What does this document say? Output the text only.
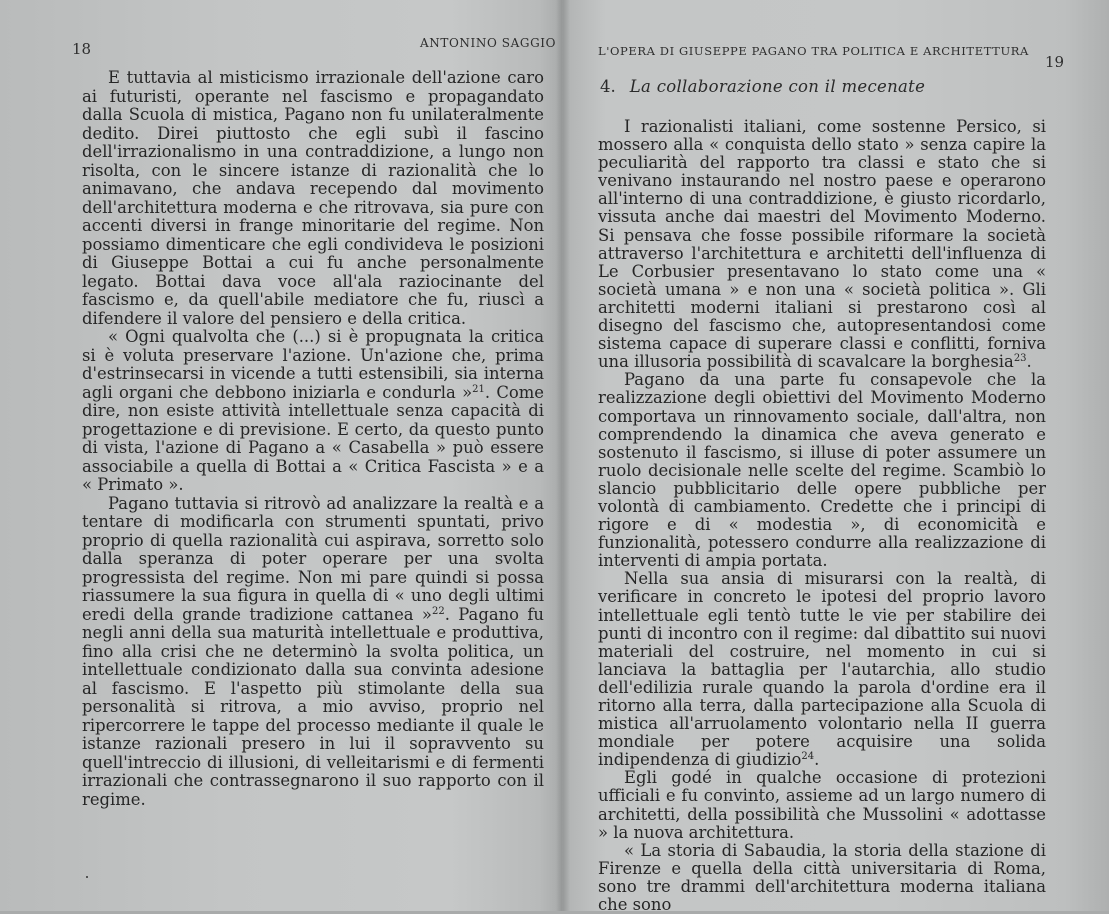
18	ANTONINO SAGGIO

E tuttavia al misticismo irrazionale dell'azione caro ai futuristi, operante nel fascismo e propagandato dalla Scuola di mistica, Pagano non fu unilateralmente dedito. Direi piuttosto che egli subì il fascino dell'irrazionalismo in una contraddizione, a lungo non risolta, con le sincere istanze di razionalità che lo animavano, che andava recependo dal movimento dell'architettura moderna e che ritrovava, sia pure con accenti diversi in frange minoritarie del regime. Non possiamo dimenticare che egli condivideva le posizioni di Giuseppe Bottai a cui fu anche personalmente legato. Bottai dava voce all'ala raziocinante del fascismo e, da quell'abile mediatore che fu, riuscì a difendere il valore del pensiero e della critica.

« Ogni qualvolta che (...) si è propugnata la critica si è voluta preservare l'azione. Un'azione che, prima d'estrinsecarsi in vicende a tutti estensibili, sia interna agli organi che debbono iniziarla e condurla »$^{21}$. Come dire, non esiste attività intellettuale senza capacità di progettazione e di previsione. E certo, da questo punto di vista, l'azione di Pagano a « Casabella » può essere associabile a quella di Bottai a « Critica Fascista » e a « Primato ».

Pagano tuttavia si ritrovò ad analizzare la realtà e a tentare di modificarla con strumenti spuntati, privo proprio di quella razionalità cui aspirava, sorretto solo dalla speranza di poter operare per una svolta progressista del regime. Non mi pare quindi si possa riassumere la sua figura in quella di « uno degli ultimi eredi della grande tradizione cattanea »$^{22}$. Pagano fu negli anni della sua maturità intellettuale e produttiva, fino alla crisi che ne determinò la svolta politica, un intellettuale condizionato dalla sua convinta adesione al fascismo. E l'aspetto più stimolante della sua personalità si ritrova, a mio avviso, proprio nel ripercorrere le tappe del processo mediante il quale le istanze razionali presero in lui il sopravvento su quell'intreccio di illusioni, di velleitarismi e di fermenti irrazionali che contrassegnarono il suo rapporto con il regime.

L'OPERA DI GIUSEPPE PAGANO TRA POLITICA E ARCHITETTURA
19
4. La collaborazione con il mecenate

I razionalisti italiani, come sostenne Persico, si mossero alla « conquista dello stato » senza capire la peculiarità del rapporto tra classi e stato che si venivano instaurando nel nostro paese e operarono all'interno di una contraddizione, è giusto ricordarlo, vissuta anche dai maestri del Movimento Moderno. Si pensava che fosse possibile riformare la società attraverso l'architettura e architetti dell'influenza di Le Corbusier presentavano lo stato come una « società umana » e non una « società politica ». Gli architetti moderni italiani si prestarono così al disegno del fascismo che, autopresentandosi come sistema capace di superare classi e conflitti, forniva una illusoria possibilità di scavalcare la borghesia$^{23}$.

Pagano da una parte fu consapevole che la realizzazione degli obiettivi del Movimento Moderno comportava un rinnovamento sociale, dall'altra, non comprendendo la dinamica che aveva generato e sostenuto il fascismo, si illuse di poter assumere un ruolo decisionale nelle scelte del regime. Scambiò lo slancio pubblicitario delle opere pubbliche per volontà di cambiamento. Credette che i principi di rigore e di « modestia », di economicità e funzionalità, potessero condurre alla realizzazione di interventi di ampia portata.

Nella sua ansia di misurarsi con la realtà, di verificare in concreto le ipotesi del proprio lavoro intellettuale egli tentò tutte le vie per stabilire dei punti di incontro con il regime: dal dibattito sui nuovi materiali del costruire, nel momento in cui si lanciava la battaglia per l'autarchia, allo studio dell'edilizia rurale quando la parola d'ordine era il ritorno alla terra, dalla partecipazione alla Scuola di mistica all'arruolamento volontario nella II guerra mondiale per potere acquisire una solida indipendenza di giudizio$^{24}$.

Egli godé in qualche occasione di protezioni ufficiali e fu convinto, assieme ad un largo numero di architetti, della possibilità che Mussolini « adottasse » la nuova architettura.

« La storia di Sabaudia, la storia della stazione di Firenze e quella della città universitaria di Roma, sono tre drammi dell'architettura moderna italiana che sono
